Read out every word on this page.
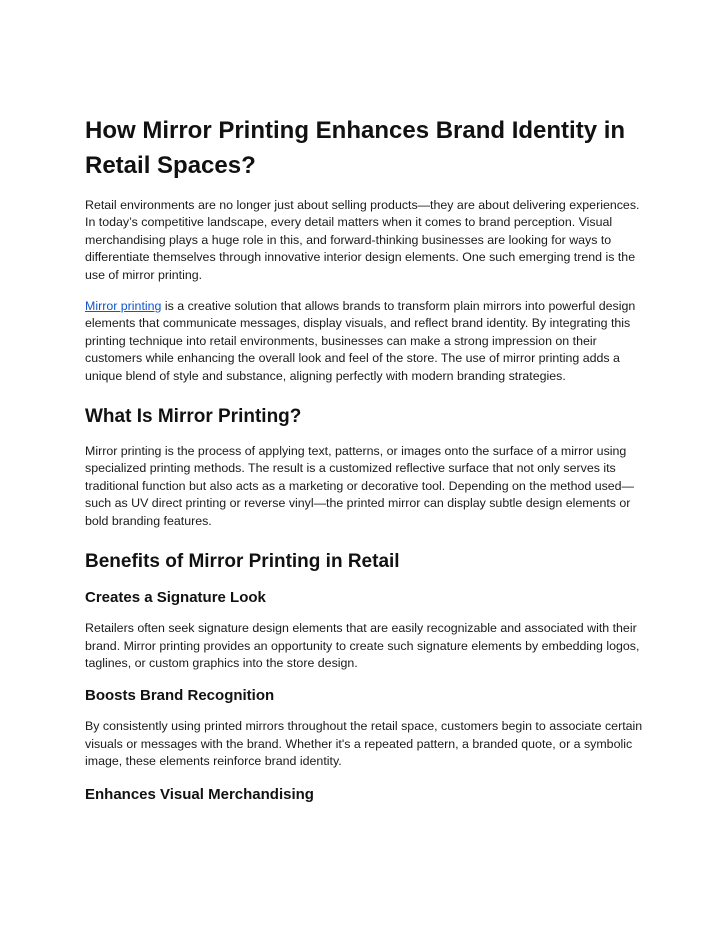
How Mirror Printing Enhances Brand Identity in Retail Spaces?

Retail environments are no longer just about selling products—they are about delivering experiences. In today’s competitive landscape, every detail matters when it comes to brand perception. Visual merchandising plays a huge role in this, and forward-thinking businesses are looking for ways to differentiate themselves through innovative interior design elements. One such emerging trend is the use of mirror printing.

Mirror printing is a creative solution that allows brands to transform plain mirrors into powerful design elements that communicate messages, display visuals, and reflect brand identity. By integrating this printing technique into retail environments, businesses can make a strong impression on their customers while enhancing the overall look and feel of the store. The use of mirror printing adds a unique blend of style and substance, aligning perfectly with modern branding strategies.

What Is Mirror Printing?

Mirror printing is the process of applying text, patterns, or images onto the surface of a mirror using specialized printing methods. The result is a customized reflective surface that not only serves its traditional function but also acts as a marketing or decorative tool. Depending on the method used—such as UV direct printing or reverse vinyl—the printed mirror can display subtle design elements or bold branding features.

Benefits of Mirror Printing in Retail
Creates a Signature Look

Retailers often seek signature design elements that are easily recognizable and associated with their brand. Mirror printing provides an opportunity to create such signature elements by embedding logos, taglines, or custom graphics into the store design.

Boosts Brand Recognition

By consistently using printed mirrors throughout the retail space, customers begin to associate certain visuals or messages with the brand. Whether it's a repeated pattern, a branded quote, or a symbolic image, these elements reinforce brand identity.

Enhances Visual Merchandising
